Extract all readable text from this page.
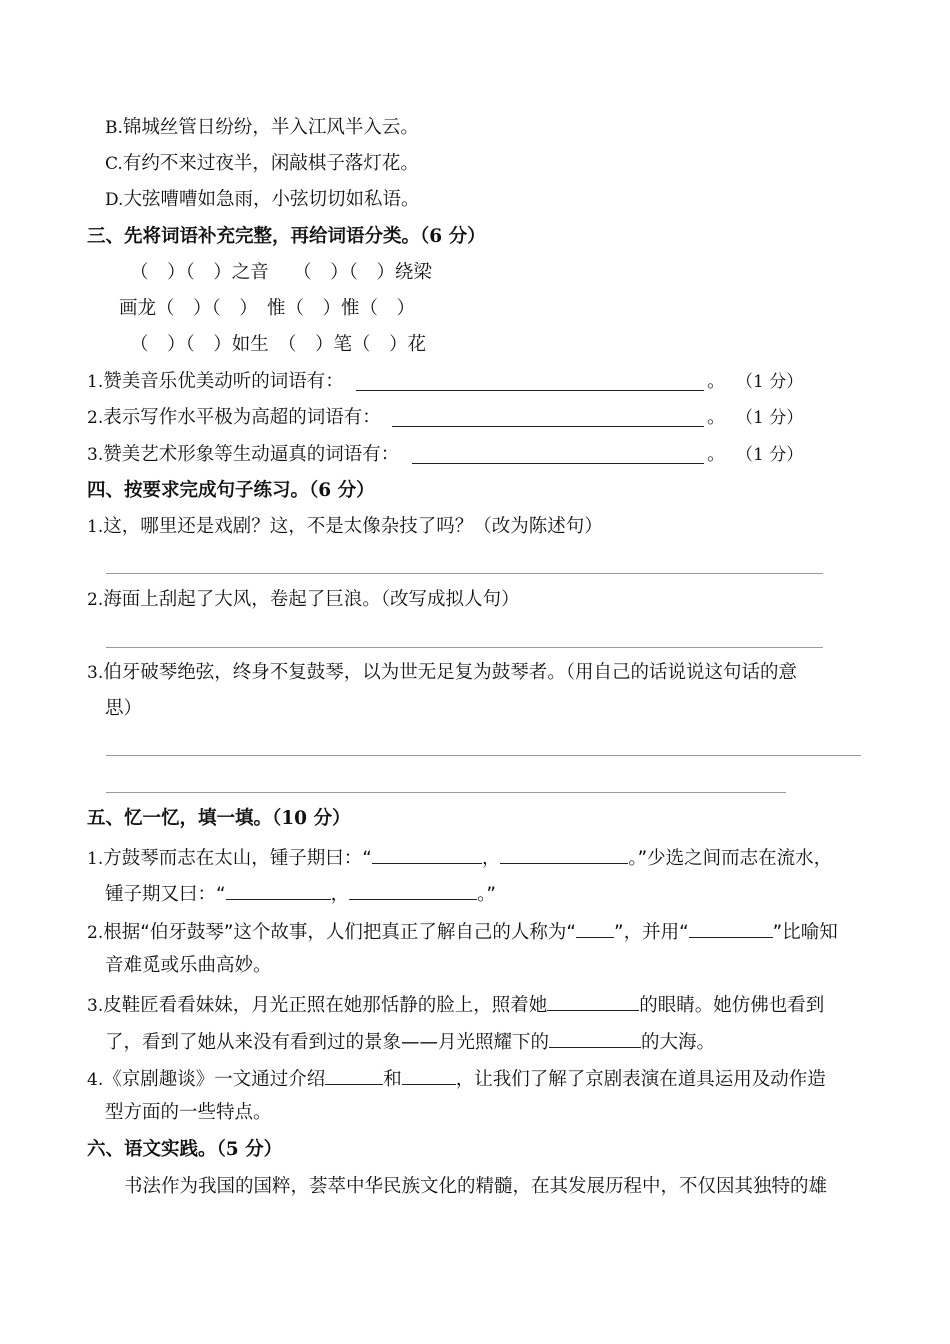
B.锦城丝管日纷纷，半入江风半入云。
C.有约不来过夜半，闲敲棋子落灯花。
D.大弦嘈嘈如急雨，小弦切切如私语。
三、先将词语补充完整，再给词语分类。（6 分）
（　）（　）之音　 （　）（　）绕梁
画龙（　）（　）　惟（　）惟（　）
（　）（　）如生　（　）笔（　）花
1.赞美音乐优美动听的词语有：	。 （1 分）
2.表示写作水平极为高超的词语有：	。 （1 分）
3.赞美艺术形象等生动逼真的词语有：	。 （1 分）
四、按要求完成句子练习。（6 分）
1.这，哪里还是戏剧？这，不是太像杂技了吗？（改为陈述句）
2.海面上刮起了大风，卷起了巨浪。（改写成拟人句）
3.伯牙破琴绝弦，终身不复鼓琴，以为世无足复为鼓琴者。（用自己的话说说这句话的意
思）
五、忆一忆，填一填。（10 分）
1.方鼓琴而志在太山，锺子期曰：“	，	。”少选之间而志在流水，
锺子期又曰：“	，	。”
2.根据“伯牙鼓琴”这个故事，人们把真正了解自己的人称为“ ”，并用“	”比喻知
音难觅或乐曲高妙。
3.皮鞋匠看看妹妹，月光正照在她那恬静的脸上，照着她	的眼睛。她仿佛也看到
了，看到了她从来没有看到过的景象——月光照耀下的	的大海。
4.《京剧趣谈》一文通过介绍	和	，让我们了解了京剧表演在道具运用及动作造
型方面的一些特点。
六、语文实践。（5 分）
书法作为我国的国粹，荟萃中华民族文化的精髓，在其发展历程中，不仅因其独特的雄
